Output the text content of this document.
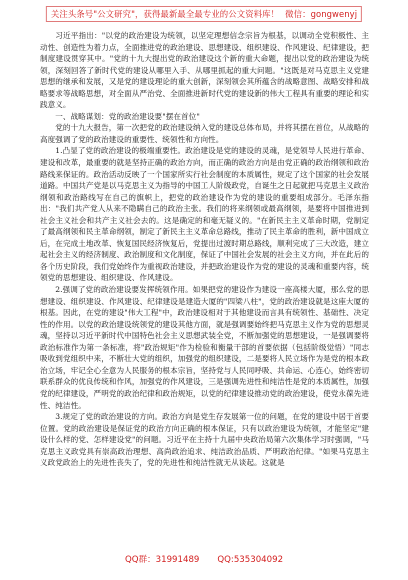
关注头条号"公文研究"，获得最新最全最专业的公文资料库！ 微信：gongwenyj

习近平指出："以党的政治建设为统领，以坚定理想信念宗旨为根基，以调动全党积极性、主动性、创造性为着力点，全面推进党的政治建设、思想建设、组织建设、作风建设、纪律建设，把制度建设贯穿其中。"党的十九大提出党的政治建设这个新的重大命题，提出以党的政治建设为统领，深刻回答了新时代党的建设从哪里入手、从哪里抓起的重大问题。"这既是对马克思主义党建思想的继承和发展，又是党的建设理论的重大创新，深刻领会其所蕴含的战略意图、战略安排和战略要求等战略思想，对全面从严治党、全面推进新时代党的建设新的伟大工程具有重要的理论和实践意义。

一、战略谋划：党的政治建设要"摆在首位"

党的十九大报告，第一次把党的政治建设纳入党的建设总体布局，并将其摆在首位，从战略的高度强调了党的政治建设的重要性、统领性和方向性。

1.凸显了党的政治建设的极端重要性。政治建设是党的建设的灵魂，是党领导人民进行革命、建设和改革，最重要的就是坚持正确的政治方向，而正确的政治方向是由党正确的政治纲领和政治路线来保证的。政治活动反映了一个国家所实行社会制度的本质属性，规定了这个国家的社会发展道路。中国共产党是以马克思主义为指导的中国工人阶级政党，自诞生之日起就把马克思主义政治纲领和政治路线写在自己的旗帜上，把党的政治建设作为党的建设的重要组成部分。毛泽东指出："我们共产党人从来不隐瞒自己的政治主张。我们的将来纲领或最高纲领，是要将中国推进到社会主义社会和共产主义社会去的。这是确定的和毫无疑义的。"在新民主主义革命时期，党制定了最高纲领和民主革命纲领，制定了新民主主义革命总路线，推动了民主革命的胜利，新中国成立后，在完成土地改革、恢复国民经济恢复后，党提出过渡时期总路线，顺利完成了三大改造，建立起社会主义的经济制度、政治制度和文化制度，保证了中国社会发展的社会主义方向，并在此后的各个历史阶段，我们党始终作为重视政治建设，并把政治建设作为党的建设的灵魂和重要内容，统领党的思想建设、组织建设、作风建设。

2.强调了党的政治建设要发挥统领作用。如果把党的建设作为建设一座高楼大厦，那么党的思想建设、组织建设、作风建设、纪律建设是建造大厦的"四梁八柱"，党的政治建设就是这座大厦的根基。因此，在党的建设"伟大工程"中，政治建设相对于其他建设而言具有统领性、基础性、决定性的作用。以党的政治建设统领党的建设其他方面，就是强调要始终把马克思主义作为党的思想灵魂，坚持以习近平新时代中国特色社会主义思想武装全党，不断加强党的思想建设，一是强调要将政治标准作为第一条标准，将"政治规矩"作为检验和衡量干部的首要依据（包括阶级觉悟）"同志吸收到党组织中来，不断壮大党的组织，加强党的组织建设，二是要将人民立场作为是党的根本政治立场，牢记全心全意为人民服务的根本宗旨，坚持党与人民同呼吸、共命运、心连心，始终密切联系群众的优良传统和作风，加强党的作风建设，三是强调先进性和纯洁性是党的本质属性，加强党的纪律建设，严明党的政治纪律和政治规矩，以党的纪律建设推动党的政治建设，使党永葆先进性、纯洁性。

3.规定了党的政治建设的方向。政治方向是党生存发展第一位的问题，在党的建设中居于首要位置。党的政治建设是保证党的政治方向正确的根本保证，只有以政治建设为统领，才能坚定"建设什么样的党、怎样建设党"的问题。习近平在主持十九届中央政治局第六次集体学习时强调，"马克思主义政党具有崇高政治理想、高尚政治追求、纯洁政治品质、严明政治纪律。"如果马克思主义政党政治上的先进性丧失了，党的先进性和纯洁性就无从谈起。这就是

QQ群：31991489 QQ:535304092
